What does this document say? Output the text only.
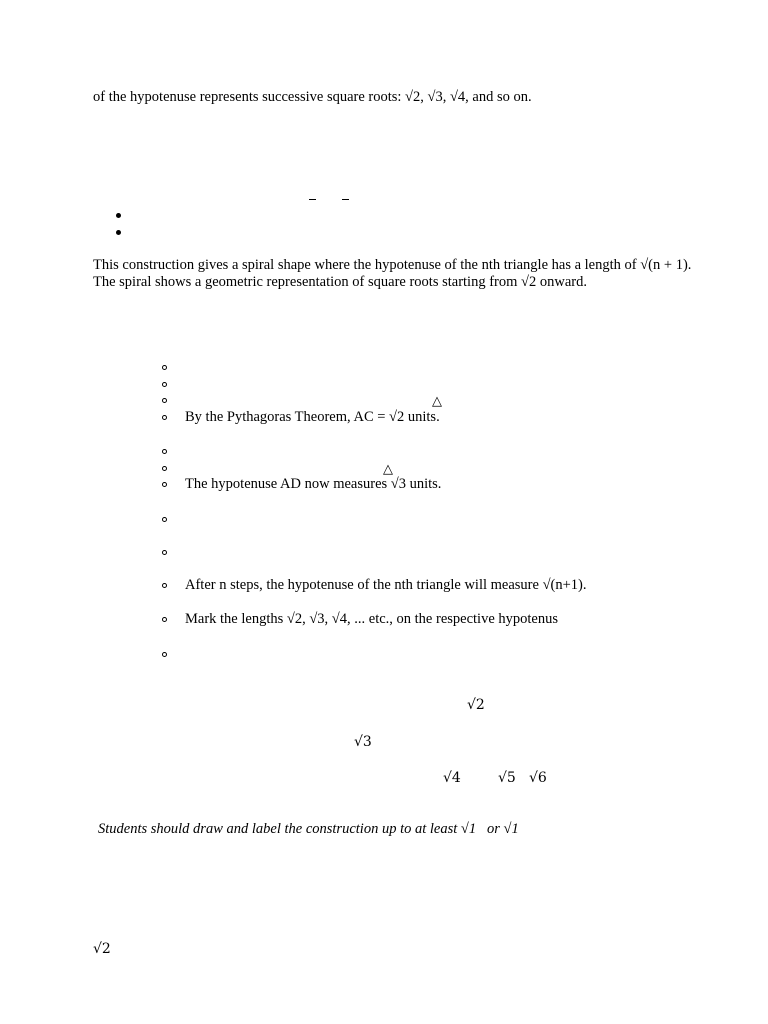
of the hypotenuse represents successive square roots: √2, √3, √4, and so on.
This construction gives a spiral shape where the hypotenuse of the nth triangle has a length of √(n + 1).
The spiral shows a geometric representation of square roots starting from √2 onward.
△
By the Pythagoras Theorem, AC = √2 units.
△
The hypotenuse AD now measures √3 units.
After n steps, the hypotenuse of the nth triangle will measure √(n+1).
Mark the lengths √2, √3, √4, ... etc., on the respective hypotenus
√2
√3
√4	√5 √6
Students should draw and label the construction up to at least √1   or √1
√2
